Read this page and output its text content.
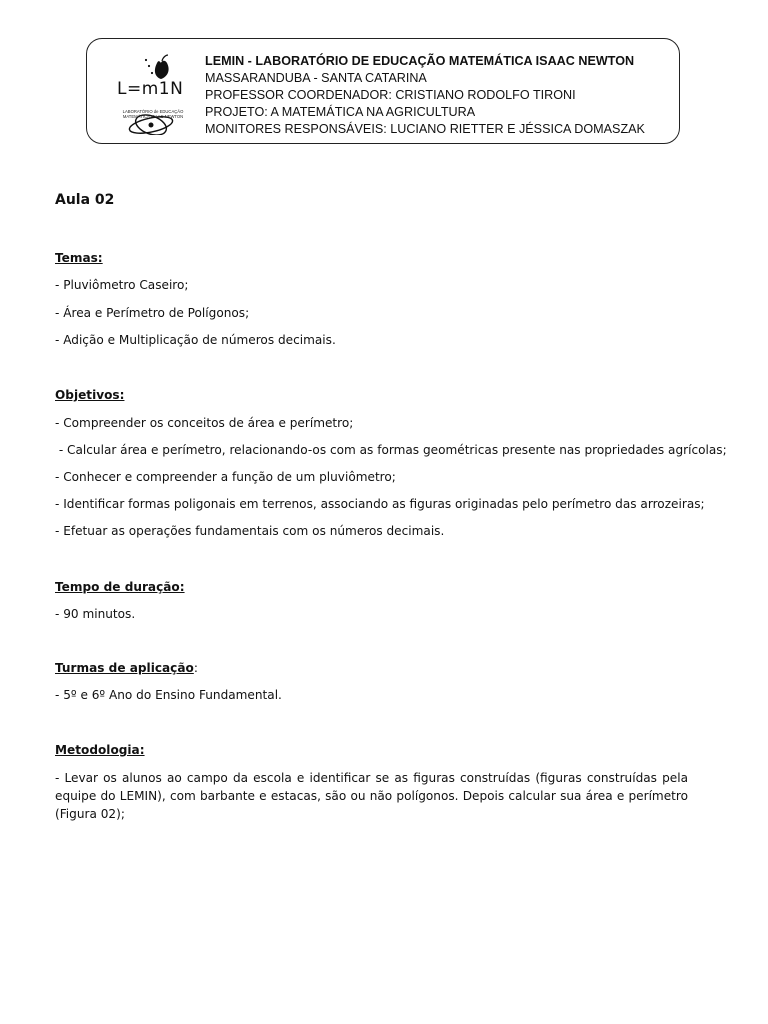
L=m1N
LABORATÓRIO de EDUCAÇÃO MATEMÁTICA ISAAC NEWTON
LEMIN - LABORATÓRIO DE EDUCAÇÃO MATEMÁTICA ISAAC NEWTON
MASSARANDUBA - SANTA CATARINA
PROFESSOR COORDENADOR: CRISTIANO RODOLFO TIRONI
PROJETO: A MATEMÁTICA NA AGRICULTURA
MONITORES RESPONSÁVEIS: LUCIANO RIETTER E JÉSSICA DOMASZAK
Aula 02
Temas:
- Pluviômetro Caseiro;
- Área e Perímetro de Polígonos;
- Adição e Multiplicação de números decimais.
Objetivos:
- Compreender os conceitos de área e perímetro;
- Calcular área e perímetro, relacionando-os com as formas geométricas presente nas propriedades agrícolas;
- Conhecer e compreender a função de um pluviômetro;
- Identificar formas poligonais em terrenos, associando as figuras originadas pelo perímetro das arrozeiras;
- Efetuar as operações fundamentais com os números decimais.
Tempo de duração:
- 90 minutos.
Turmas de aplicação:
- 5º e 6º Ano do Ensino Fundamental.
Metodologia:
- Levar os alunos ao campo da escola e identificar se as figuras construídas (figuras construídas pela equipe do LEMIN), com barbante e estacas, são ou não polígonos. Depois calcular sua área e perímetro (Figura 02);
